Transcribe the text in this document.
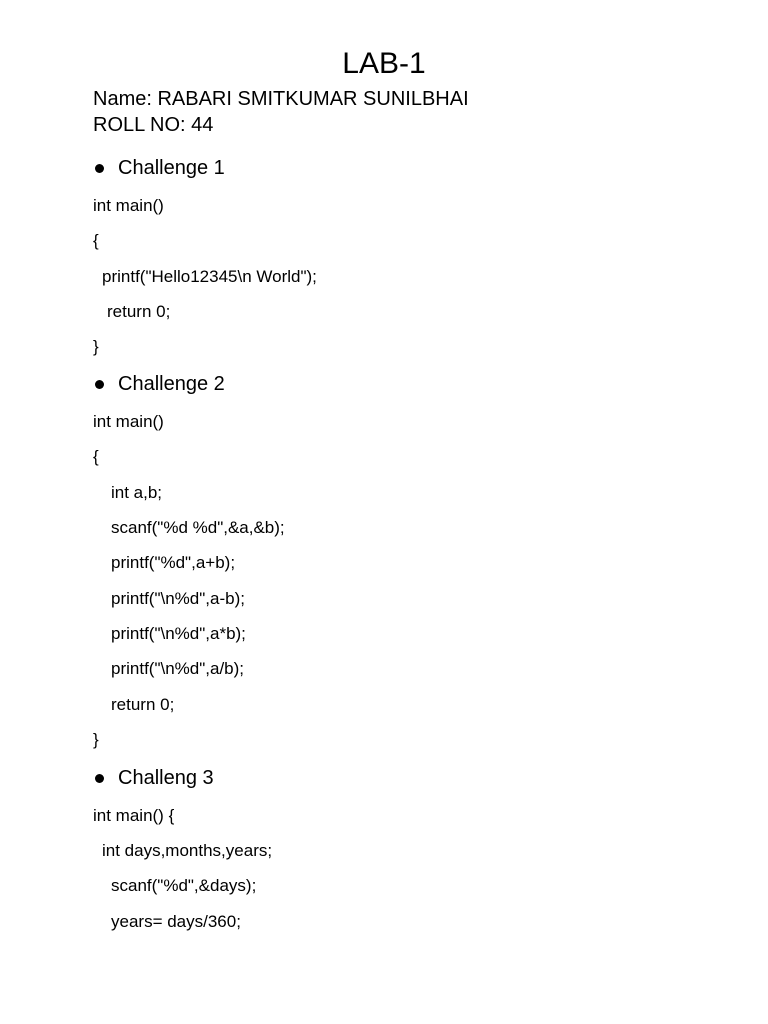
LAB-1

Name: RABARI SMITKUMAR SUNILBHAI

ROLL NO: 44

Challenge 1

int main()

{

printf("Hello12345\n World");

return 0;

}

Challenge 2

int main()

{

int a,b;

scanf("%d %d",&a,&b);

printf("%d",a+b);

printf("\n%d",a-b);

printf("\n%d",a*b);

printf("\n%d",a/b);

return 0;

}

Challeng 3

int main() {

int days,months,years;

scanf("%d",&days);

years= days/360;
